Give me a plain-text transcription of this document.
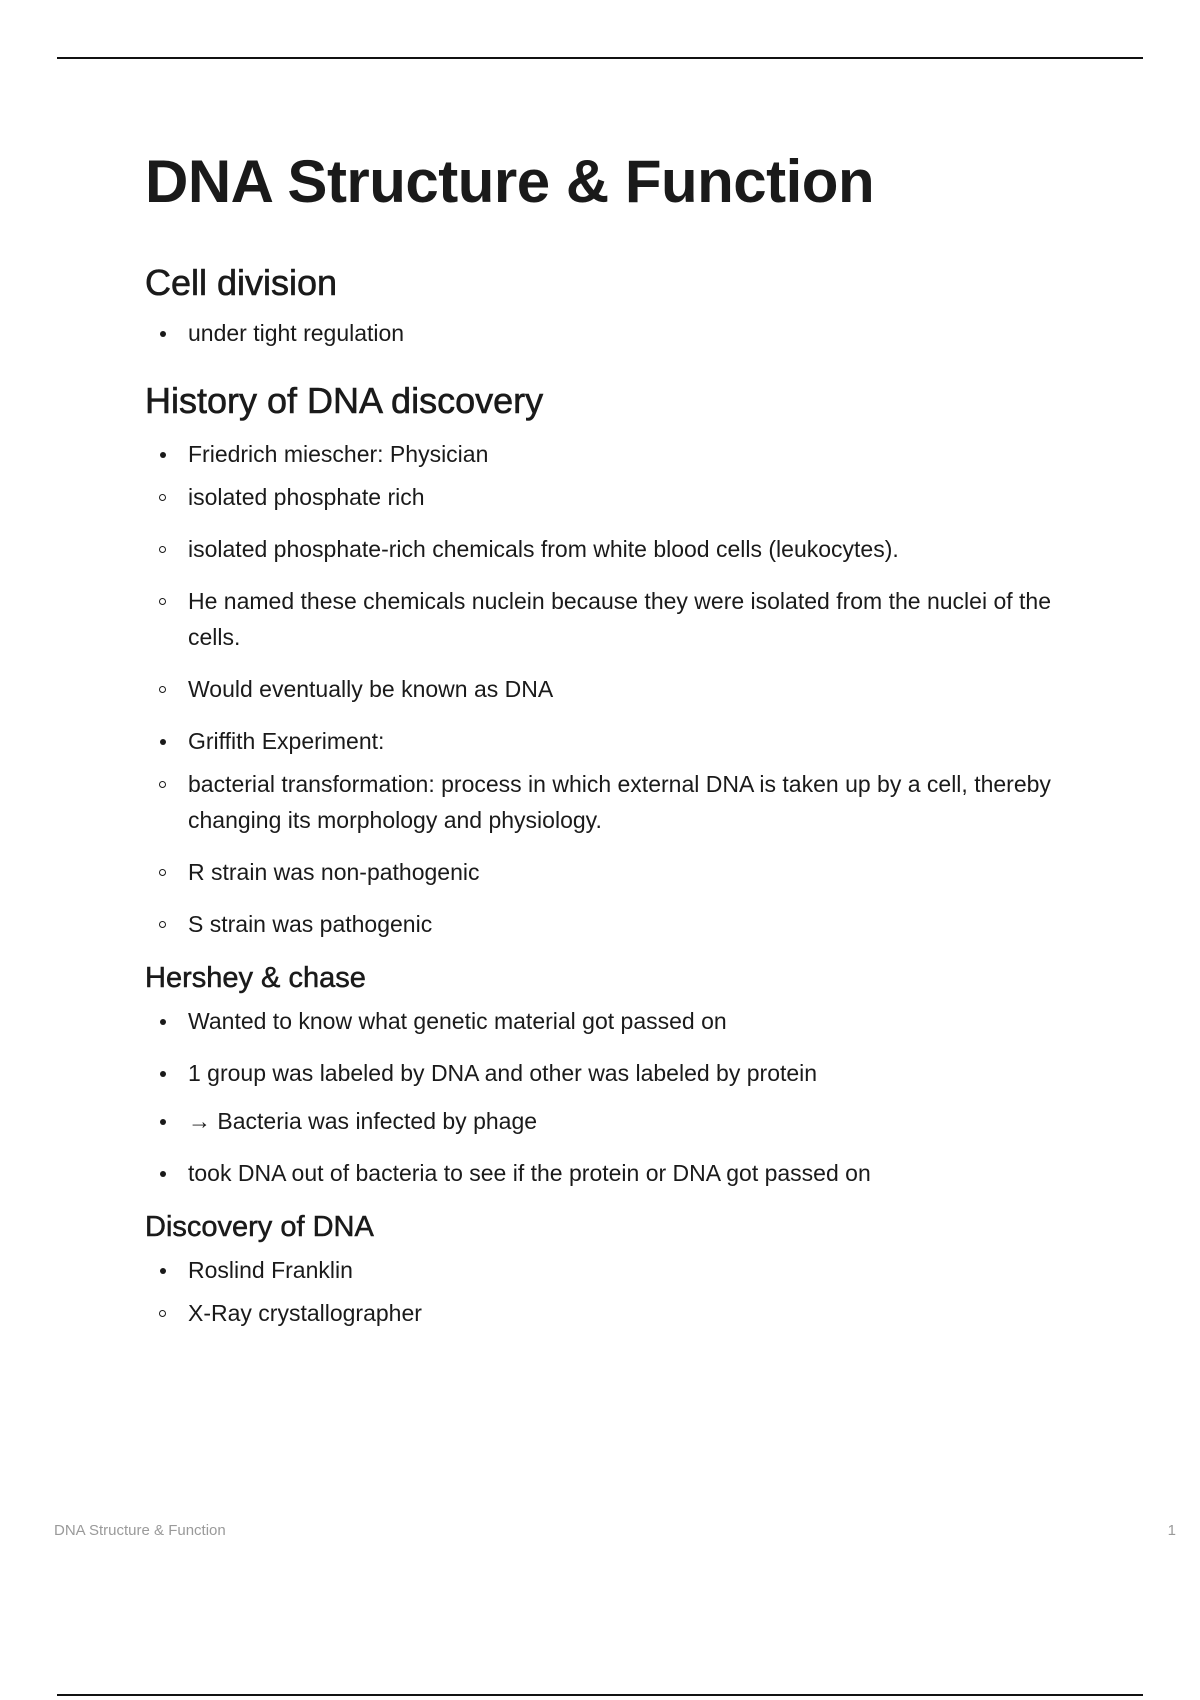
DNA Structure & Function
Cell division
under tight regulation
History of DNA discovery
Friedrich miescher: Physician
isolated phosphate rich
isolated phosphate-rich chemicals from white blood cells (leukocytes).
He named these chemicals nuclein because they were isolated from the nuclei of the cells.
Would eventually be known as DNA
Griffith Experiment:
bacterial transformation: process in which external DNA is taken up by a cell, thereby changing its morphology and physiology.
R strain was non-pathogenic
S strain was pathogenic
Hershey & chase
Wanted to know what genetic material got passed on
1 group was labeled by DNA and other was labeled by protein
→ Bacteria was infected by phage
took DNA out of bacteria to see if the protein or DNA got passed on
Discovery of DNA
Roslind Franklin
X-Ray crystallographer
DNA Structure & Function	1
